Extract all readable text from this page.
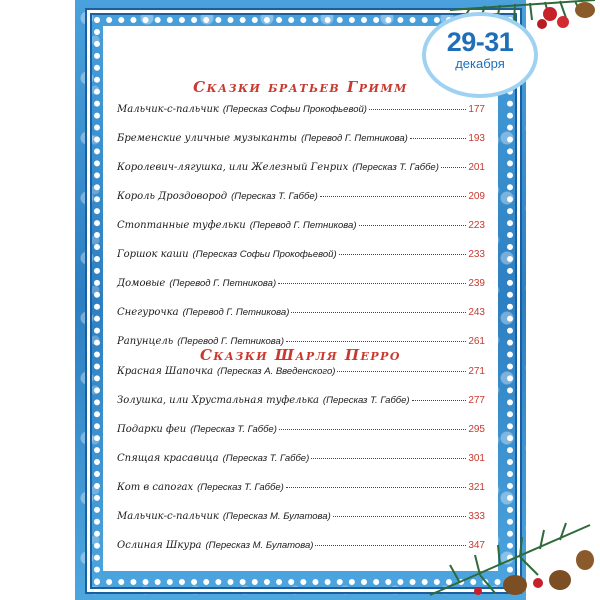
29-31
декабря
Сказки братьев Гримм
Мальчик-с-пальчик (Пересказ Софьи Прокофьевой)	177
Бременские уличные музыканты (Перевод Г. Петникова)	193
Королевич-лягушка, или Железный Генрих (Пересказ Т. Габбе)	201
Король Дроздовород (Пересказ Т. Габбе)	209
Стоптанные туфельки (Перевод Г. Петникова)	223
Горшок каши (Пересказ Софьи Прокофьевой)	233
Домовые (Перевод Г. Петникова)	239
Снегурочка (Перевод Г. Петникова)	243
Рапунцель (Перевод Г. Петникова)	261
Сказки Шарля Перро
Красная Шапочка (Пересказ А. Введенского)	271
Золушка, или Хрустальная туфелька (Пересказ Т. Габбе)	277
Подарки феи (Пересказ Т. Габбе)	295
Спящая красавица (Пересказ Т. Габбе)	301
Кот в сапогах (Пересказ Т. Габбе)	321
Мальчик-с-пальчик (Пересказ М. Булатова)	333
Ослиная Шкура (Пересказ М. Булатова)	347
